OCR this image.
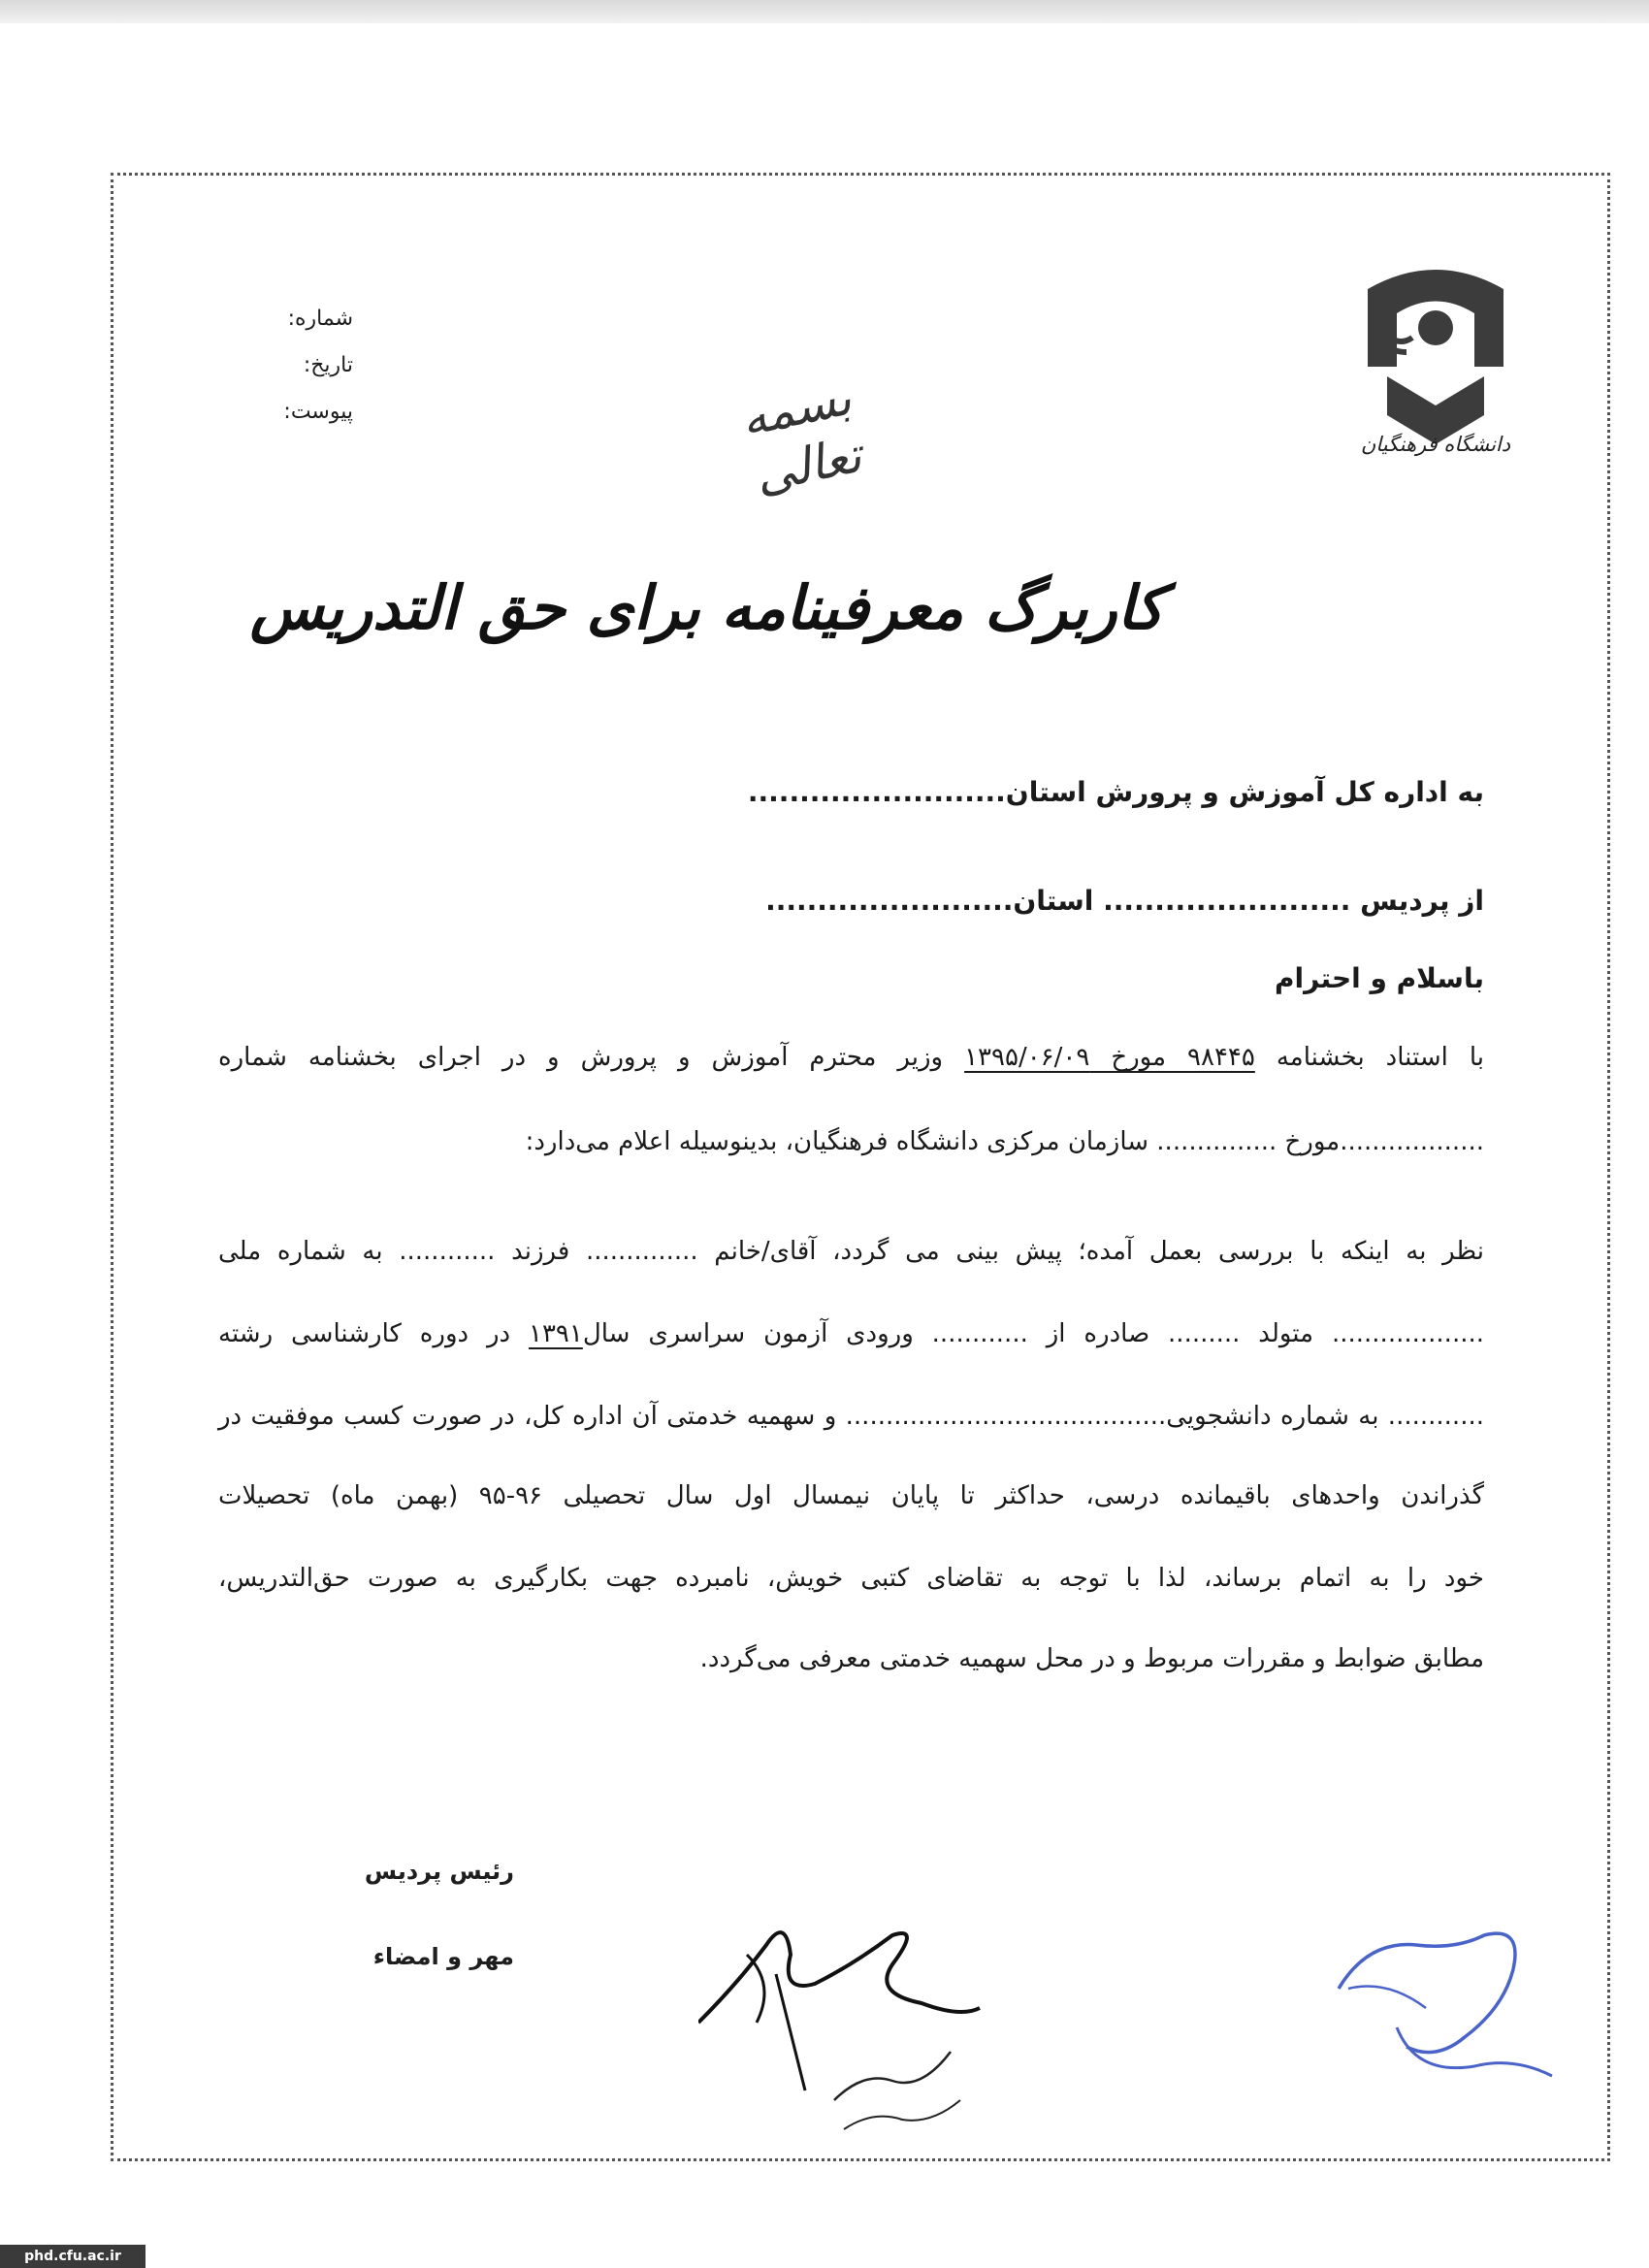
شماره:
تاریخ:
پیوست:
دانشگاه فرهنگیان
بسمه تعالی
کاربرگ معرفینامه برای حق التدریس
به اداره کل آموزش و پرورش استان.........................
از پردیس ........................ استان........................
باسلام و احترام
با استناد بخشنامه ۹۸۴۴۵ مورخ ۱۳۹۵/۰۶/۰۹ وزیر محترم آموزش و پرورش و در اجرای بخشنامه شماره
..................مورخ ............... سازمان مرکزی دانشگاه فرهنگیان، بدینوسیله اعلام می‌دارد:
نظر به اینکه با بررسی بعمل آمده؛ پیش بینی می گردد، آقای/خانم .............. فرزند ............ به شماره ملی
................... متولد ......... صادره از ............ ورودی آزمون سراسری سال۱۳۹۱ در دوره کارشناسی رشته
............ به شماره دانشجویی........................................ و سهمیه خدمتی آن اداره کل، در صورت کسب موفقیت در
گذراندن واحدهای باقیمانده درسی، حداکثر تا پایان نیمسال اول سال تحصیلی ۹۶-۹۵ (بهمن ماه) تحصیلات
خود را به اتمام برساند، لذا با توجه به تقاضای کتبی خویش، نامبرده جهت بکارگیری به صورت حق‌التدریس،
مطابق ضوابط و مقررات مربوط و در محل سهمیه خدمتی معرفی می‌گردد.
رئیس پردیس
مهر و امضاء
phd.cfu.ac.ir
